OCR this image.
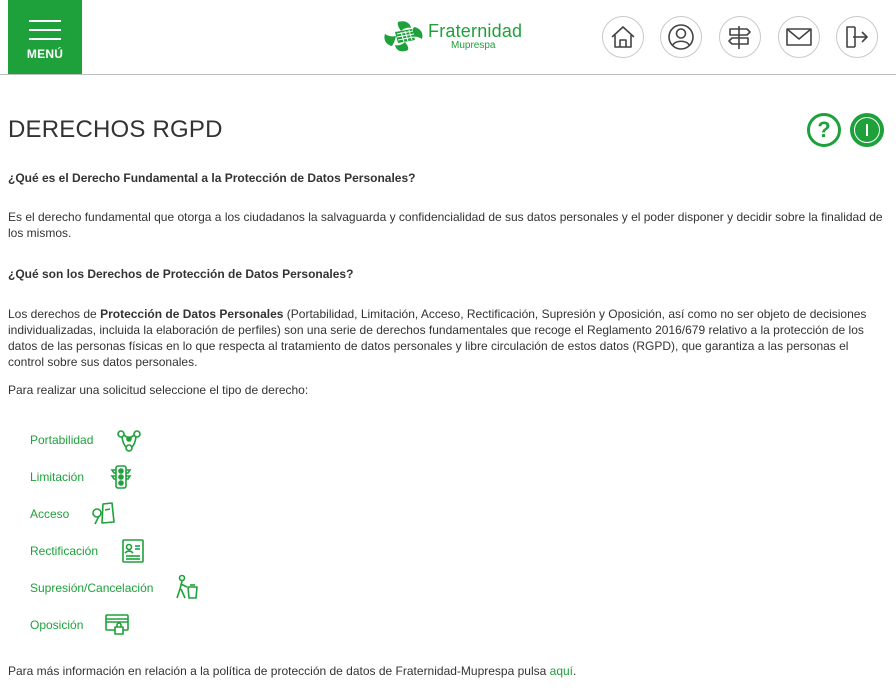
MENÚ
Fraternidad
Muprespa
DERECHOS RGPD	?
¿Qué es el Derecho Fundamental a la Protección de Datos Personales?
Es el derecho fundamental que otorga a los ciudadanos la salvaguarda y confidencialidad de sus datos personales y el poder disponer y decidir sobre la finalidad de los mismos.
¿Qué son los Derechos de Protección de Datos Personales?
Los derechos de Protección de Datos Personales (Portabilidad, Limitación, Acceso, Rectificación, Supresión y Oposición, así como no ser objeto de decisiones individualizadas, incluida la elaboración de perfiles) son una serie de derechos fundamentales que recoge el Reglamento 2016/679 relativo a la protección de los datos de las personas físicas en lo que respecta al tratamiento de datos personales y libre circulación de estos datos (RGPD), que garantiza a las personas el control sobre sus datos personales.
Para realizar una solicitud seleccione el tipo de derecho:
Portabilidad
Limitación
Acceso
Rectificación
Supresión/Cancelación
Oposición
Para más información en relación a la política de protección de datos de Fraternidad-Muprespa pulsa aquí.
